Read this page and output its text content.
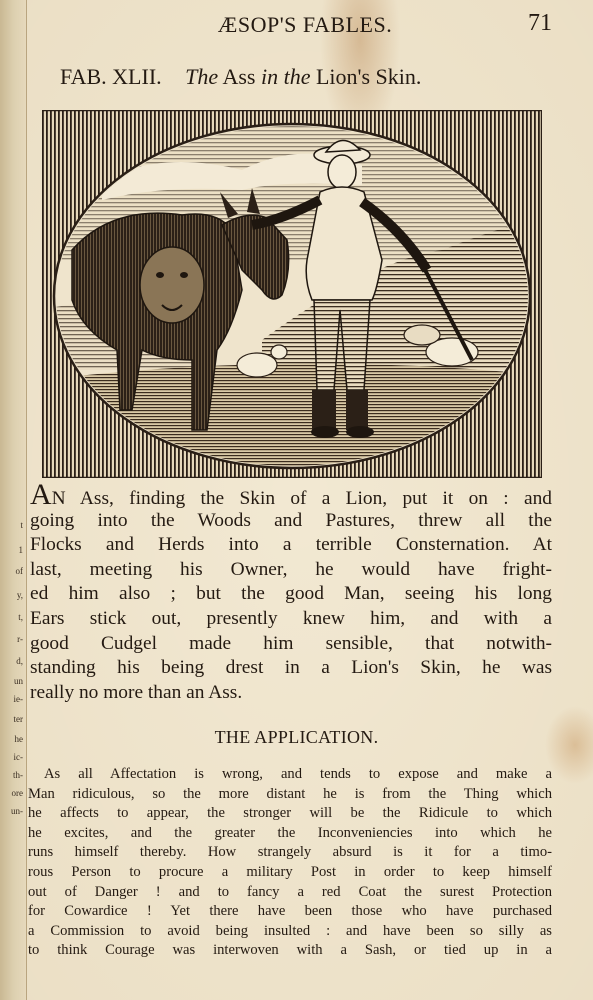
t
1
of
y,
t,
r-
d,
un
ie-
ter
he
ic-
th-
ore
un-
ÆSOP'S FABLES.	71
FAB. XLII. The Ass in the Lion's Skin.
AN Ass, finding the Skin of a Lion, put it on : and
going into the Woods and Pastures, threw all the
Flocks and Herds into a terrible Consternation. At
last, meeting his Owner, he would have fright-
ed him also ; but the good Man, seeing his long
Ears stick out, presently knew him, and with a
good Cudgel made him sensible, that notwith-
standing his being drest in a Lion's Skin, he was
really no more than an Ass.
THE APPLICATION.
As all Affectation is wrong, and tends to expose and make a
Man ridiculous, so the more distant he is from the Thing which
he affects to appear, the stronger will be the Ridicule to which
he excites, and the greater the Inconveniencies into which he
runs himself thereby. How strangely absurd is it for a timo-
rous Person to procure a military Post in order to keep himself
out of Danger ! and to fancy a red Coat the surest Protection
for Cowardice ! Yet there have been those who have purchased
a Commission to avoid being insulted : and have been so silly as
to think Courage was interwoven with a Sash, or tied up in a
